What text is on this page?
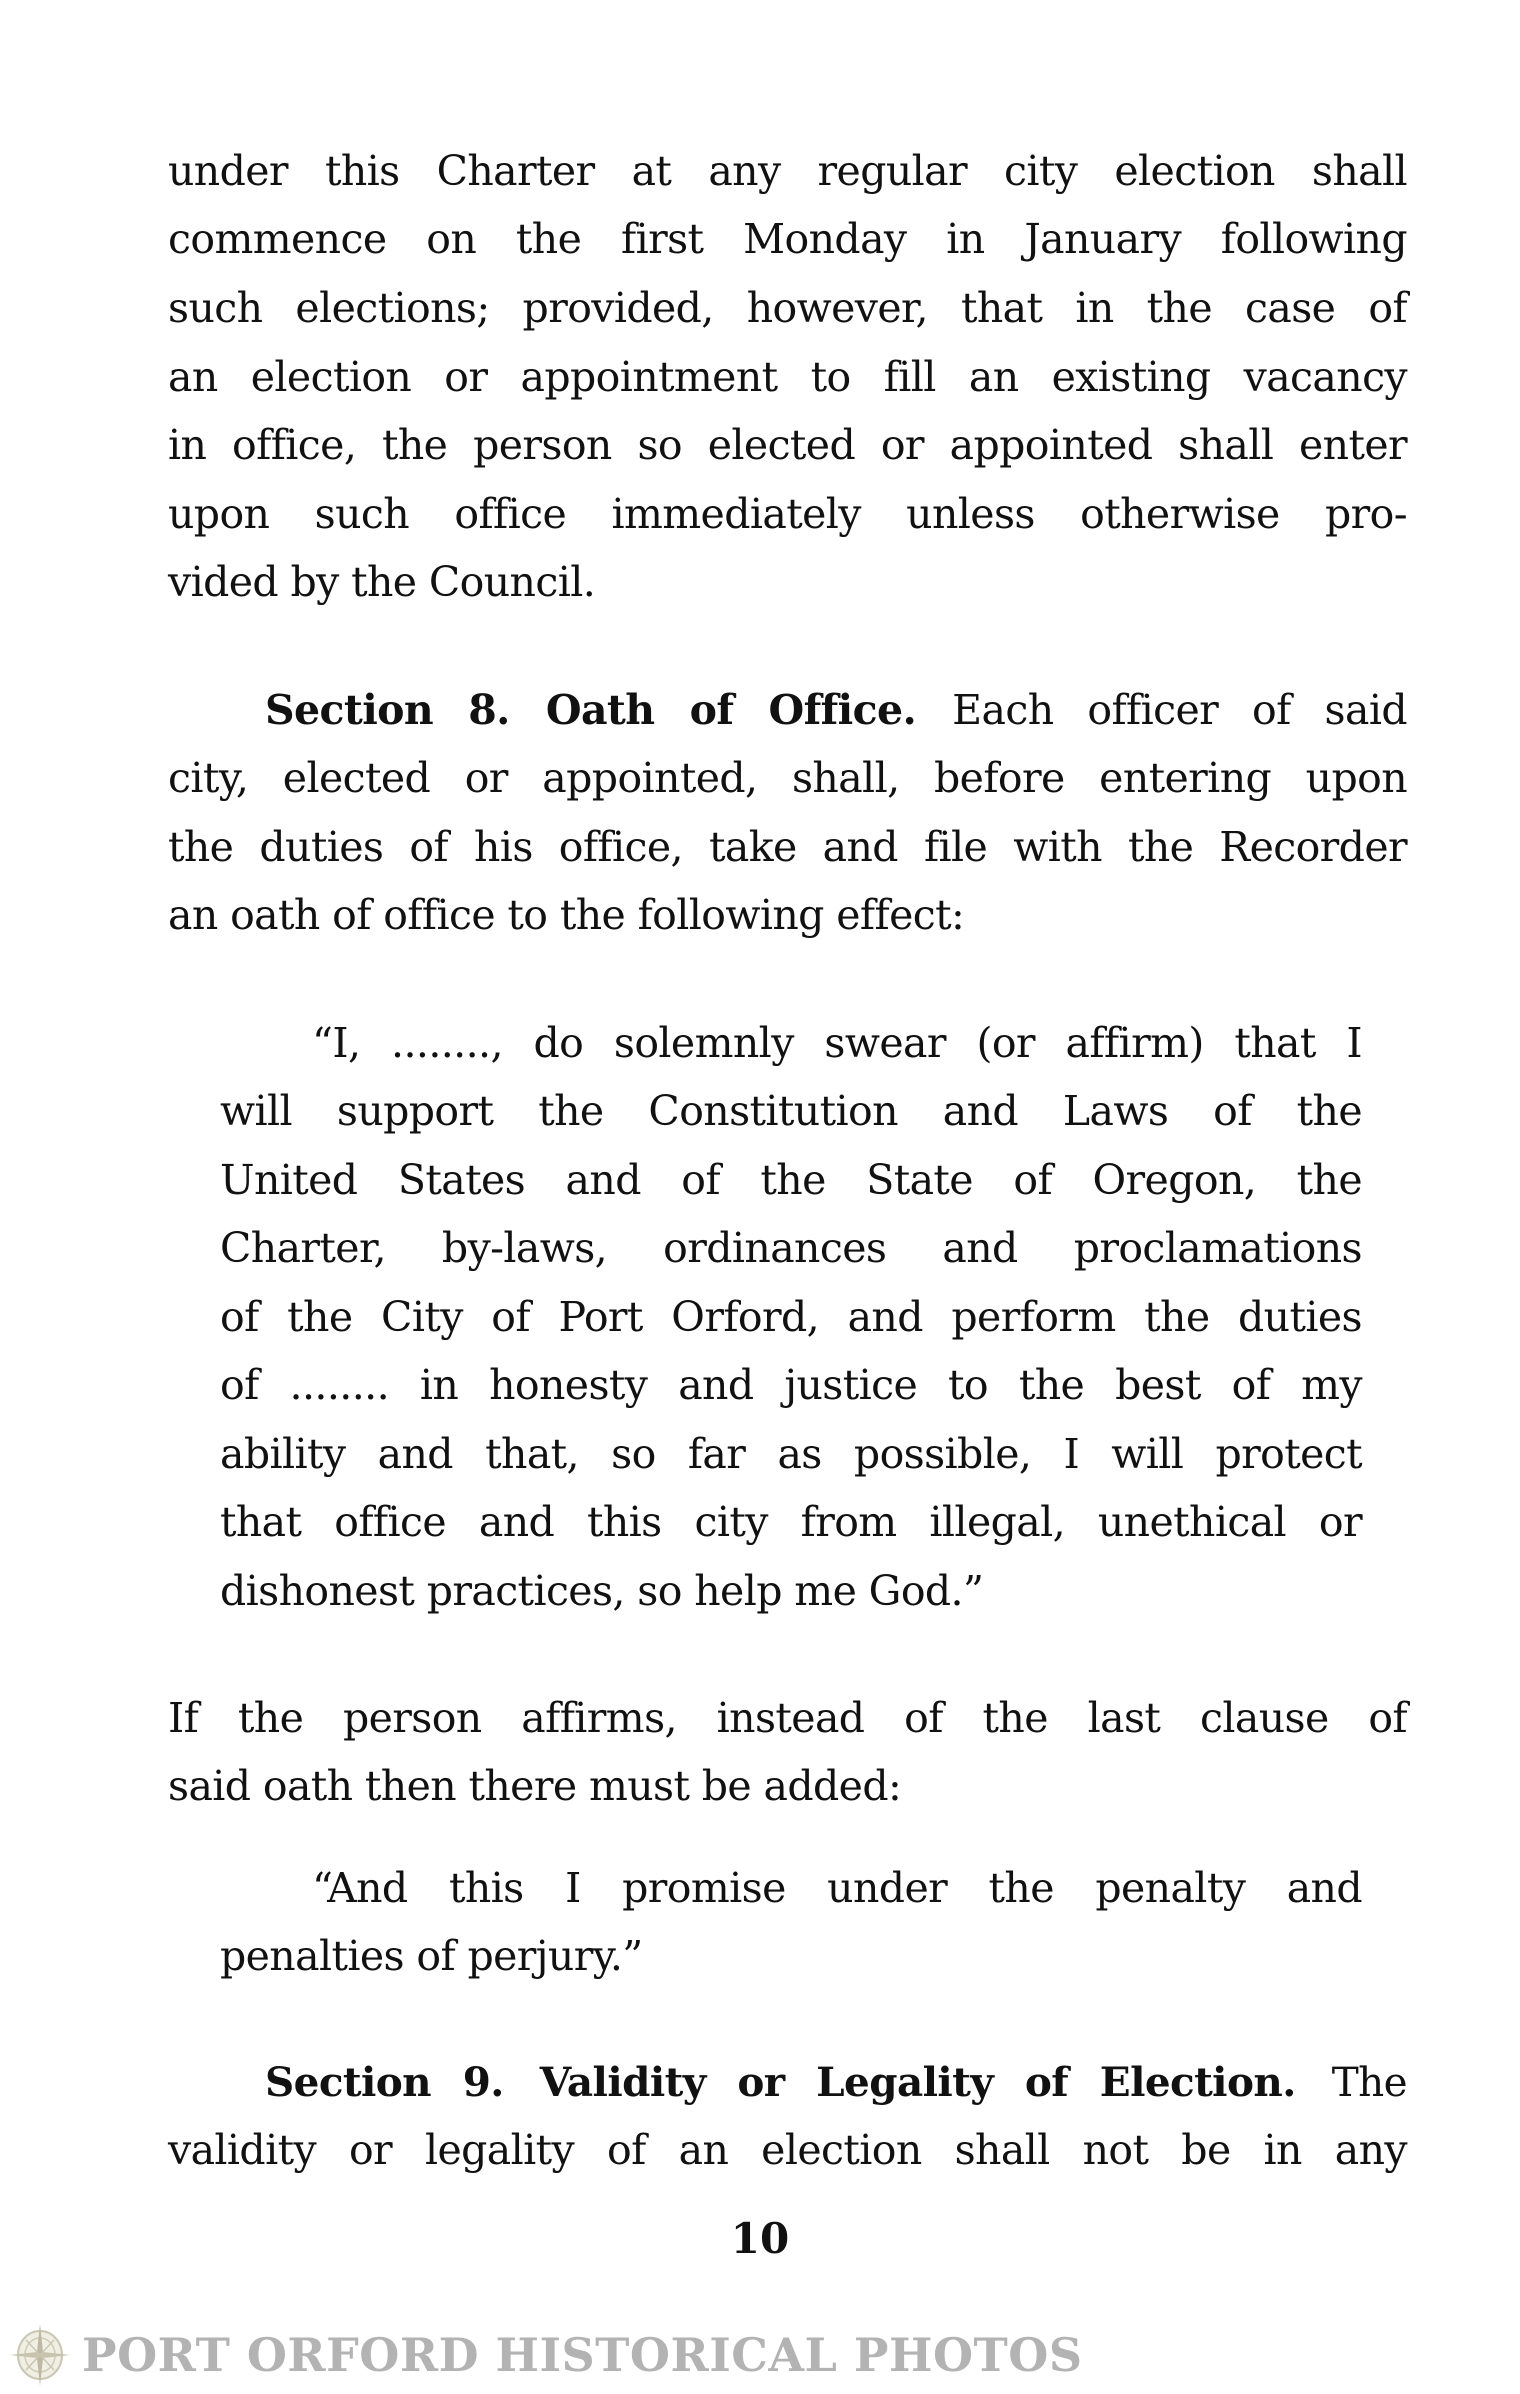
under this Charter at any regular city election shall
commence on the first Monday in January following
such elections; provided, however, that in the case of
an election or appointment to fill an existing vacancy
in office, the person so elected or appointed shall enter
upon such office immediately unless otherwise pro-
vided by the Council.
Section 8. Oath of Office. Each officer of said
city, elected or appointed, shall, before entering upon
the duties of his office, take and file with the Recorder
an oath of office to the following effect:
“I, ........, do solemnly swear (or affirm) that I
will support the Constitution and Laws of the
United States and of the State of Oregon, the
Charter, by-laws, ordinances and proclamations
of the City of Port Orford, and perform the duties
of ........ in honesty and justice to the best of my
ability and that, so far as possible, I will protect
that office and this city from illegal, unethical or
dishonest practices, so help me God.”
If the person affirms, instead of the last clause of
said oath then there must be added:
“And this I promise under the penalty and
penalties of perjury.”
Section 9. Validity or Legality of Election. The
validity or legality of an election shall not be in any
10
PORT ORFORD HISTORICAL PHOTOS
